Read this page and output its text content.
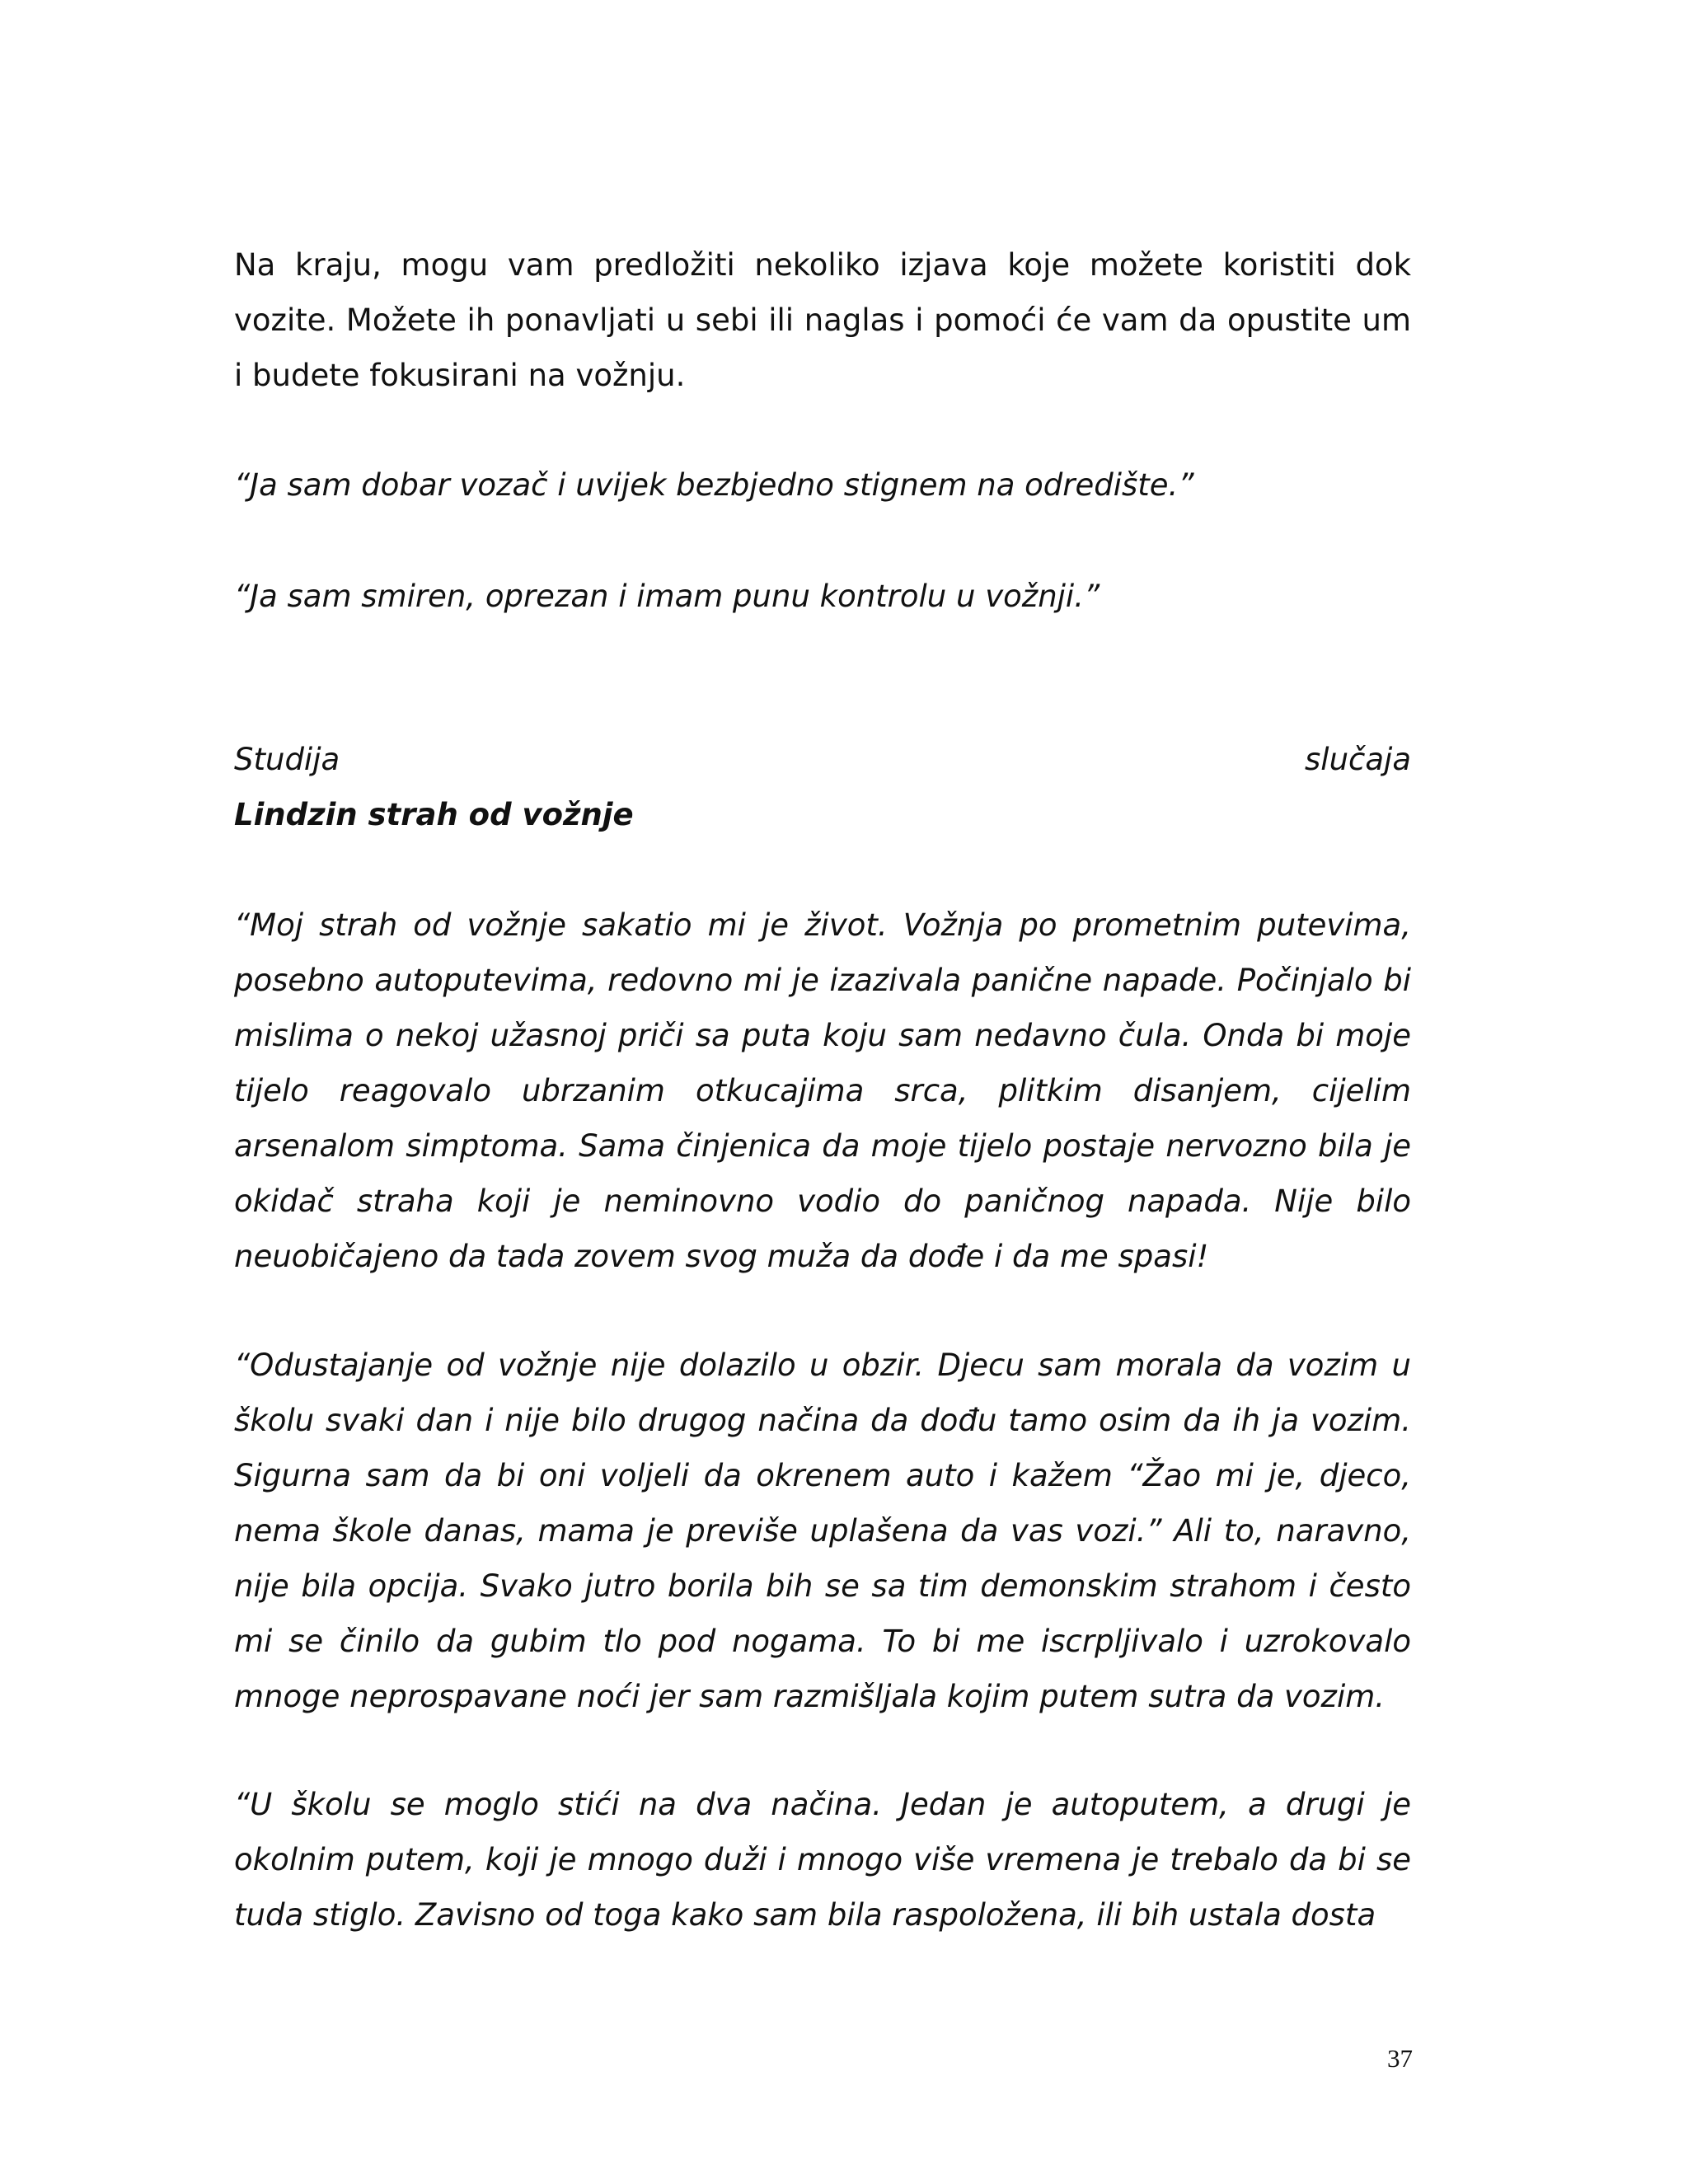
Na kraju, mogu vam predložiti nekoliko izjava koje možete koristiti dok vozite. Možete ih ponavljati u sebi ili naglas i pomoći će vam da opustite um i budete fokusirani na vožnju.

“Ja sam dobar vozač i uvijek bezbjedno stignem na odredište.”

“Ja sam smiren, oprezan i imam punu kontrolu u vožnji.”

Studija	slučaja

Lindzin strah od vožnje

“Moj strah od vožnje sakatio mi je život. Vožnja po prometnim putevima, posebno autoputevima, redovno mi je izazivala panične napade. Počinjalo bi mislima o nekoj užasnoj priči sa puta koju sam nedavno čula. Onda bi moje tijelo reagovalo ubrzanim otkucajima srca, plitkim disanjem, cijelim arsenalom simptoma. Sama činjenica da moje tijelo postaje nervozno bila je okidač straha koji je neminovno vodio do paničnog napada. Nije bilo neuobičajeno da tada zovem svog muža da dođe i da me spasi!

“Odustajanje od vožnje nije dolazilo u obzir. Djecu sam morala da vozim u školu svaki dan i nije bilo drugog načina da dođu tamo osim da ih ja vozim. Sigurna sam da bi oni voljeli da okrenem auto i kažem “Žao mi je, djeco, nema škole danas, mama je previše uplašena da vas vozi.” Ali to, naravno, nije bila opcija. Svako jutro borila bih se sa tim demonskim strahom i često mi se činilo da gubim tlo pod nogama. To bi me iscrpljivalo i uzrokovalo mnoge neprospavane noći jer sam razmišljala kojim putem sutra da vozim.

“U školu se moglo stići na dva načina. Jedan je autoputem, a drugi je okolnim putem, koji je mnogo duži i mnogo više vremena je trebalo da bi se tuda stiglo. Zavisno od toga kako sam bila raspoložena, ili bih ustala dosta

37
